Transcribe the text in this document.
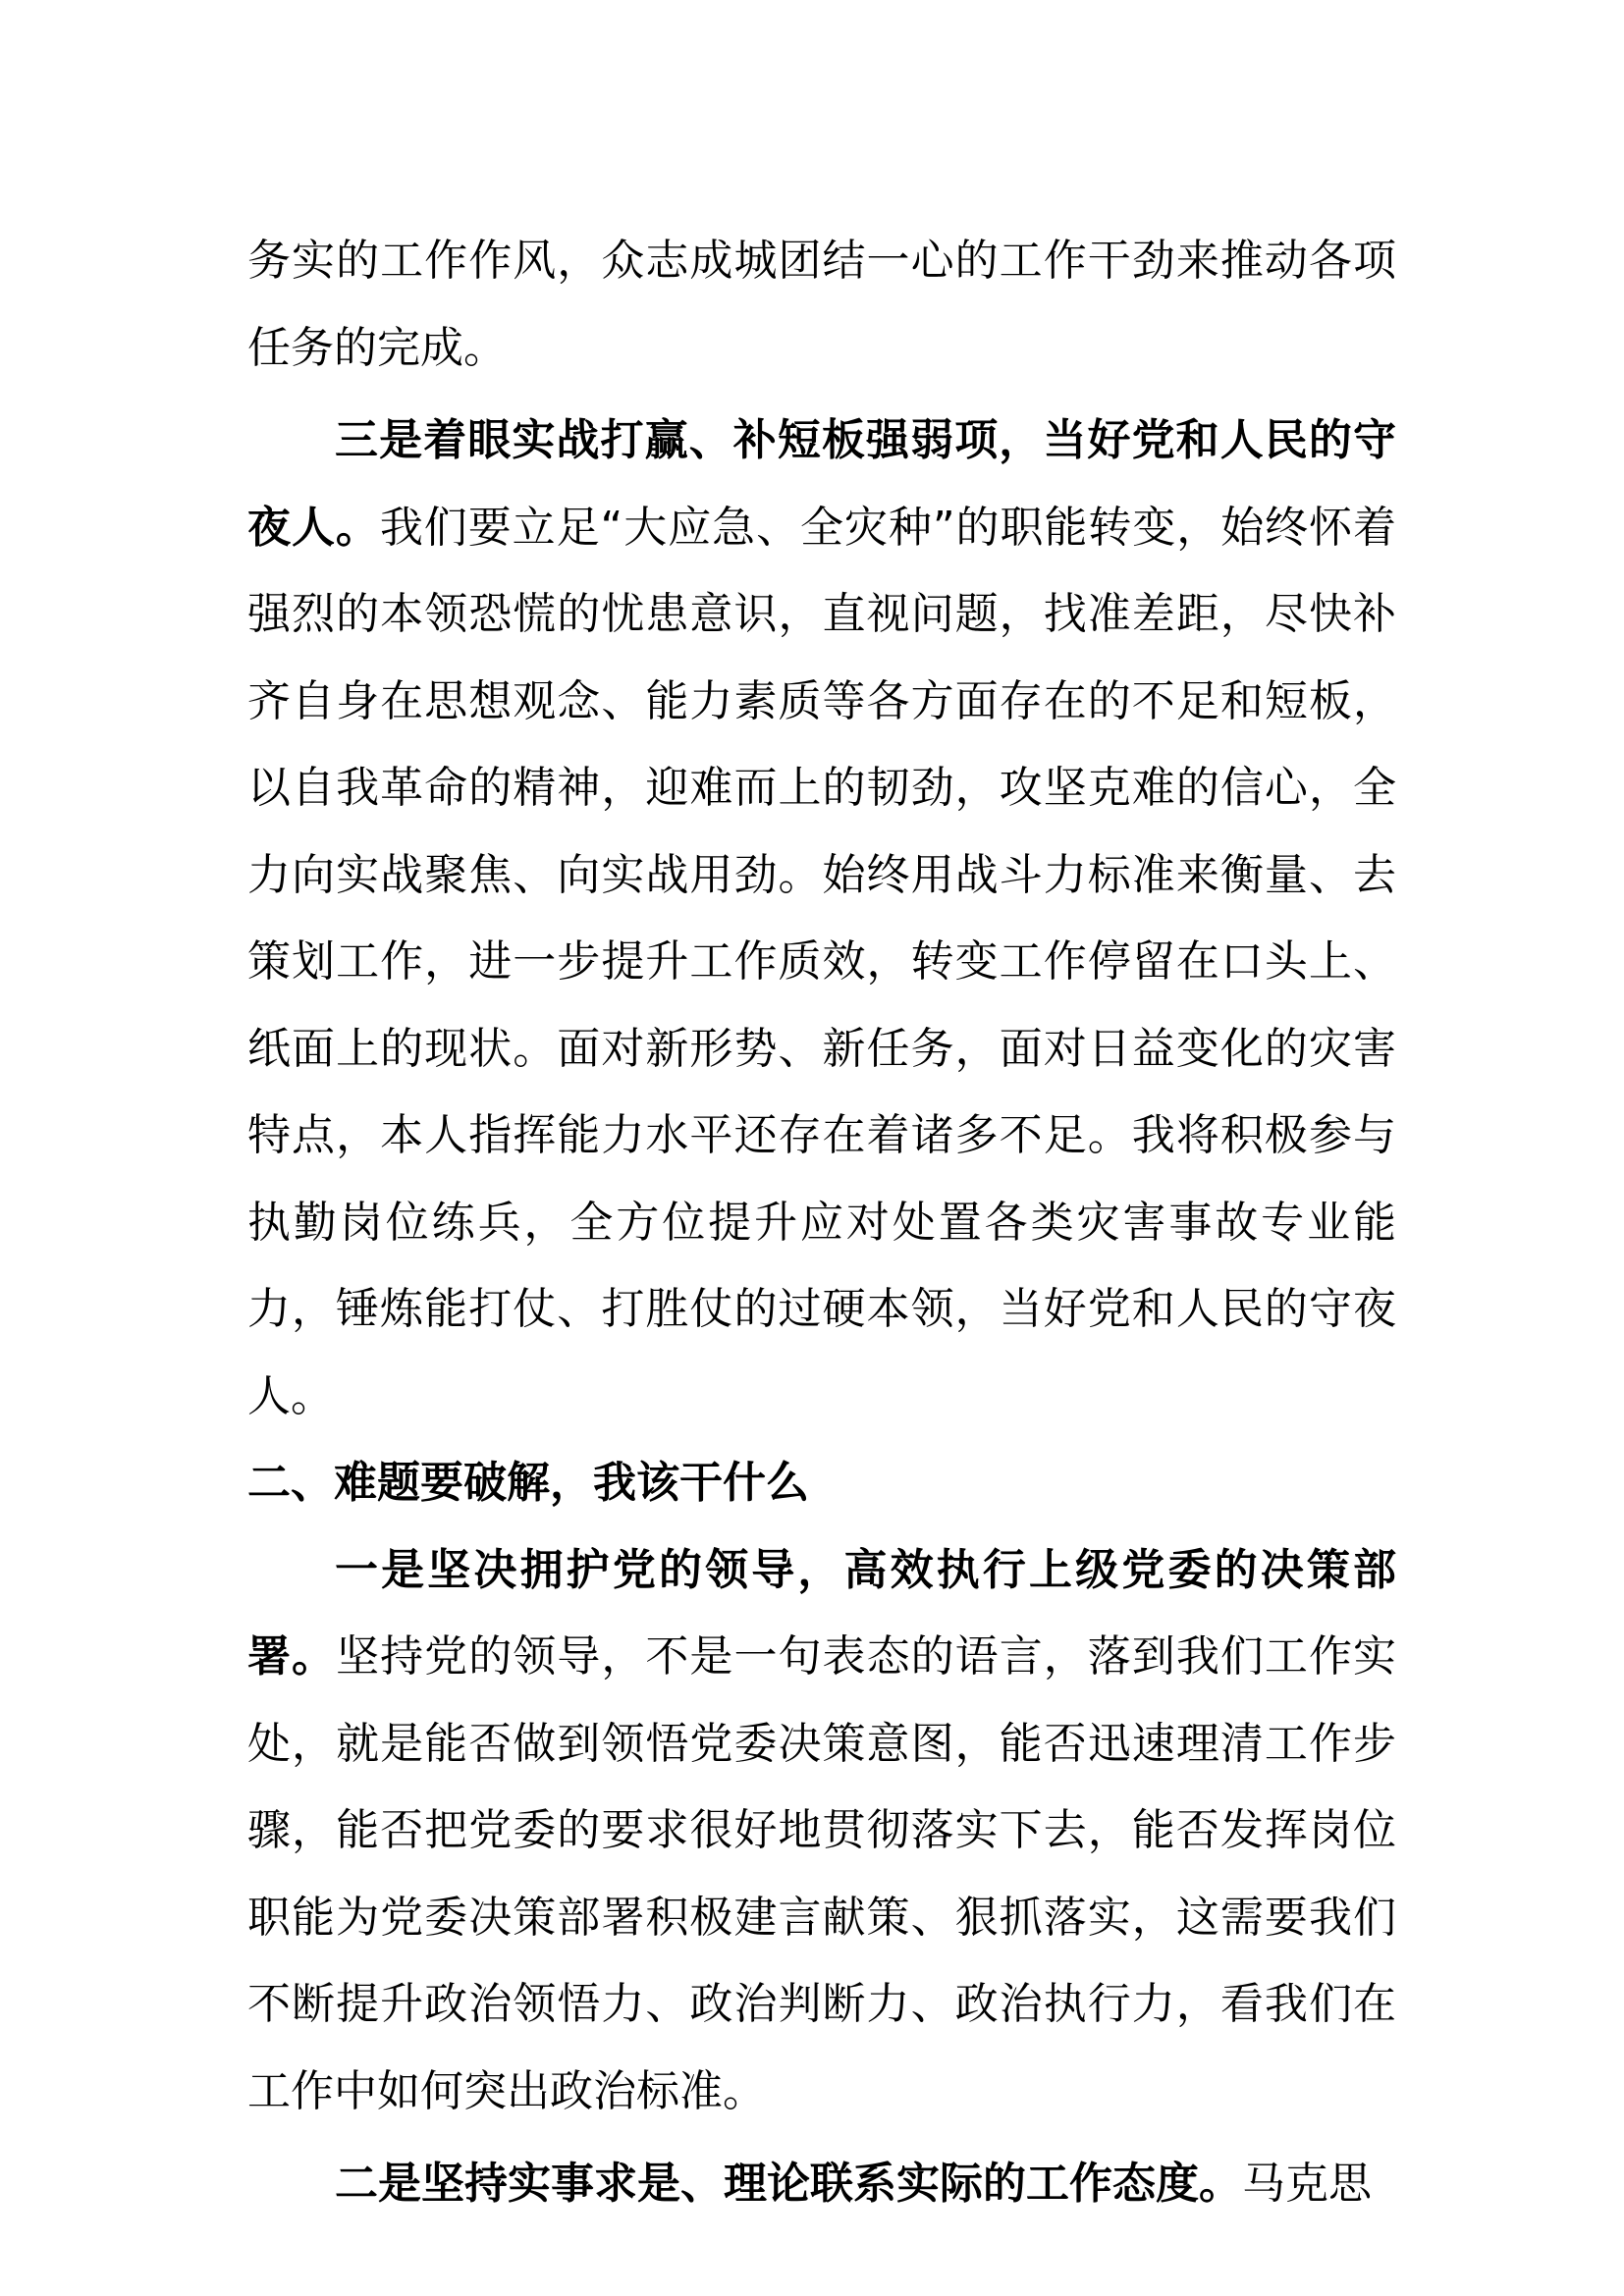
务实的工作作风，众志成城团结一心的工作干劲来推动各项任务的完成。

三是着眼实战打赢、补短板强弱项，当好党和人民的守夜人。我们要立足“大应急、全灾种”的职能转变，始终怀着强烈的本领恐慌的忧患意识，直视问题，找准差距，尽快补齐自身在思想观念、能力素质等各方面存在的不足和短板，以自我革命的精神，迎难而上的韧劲，攻坚克难的信心，全力向实战聚焦、向实战用劲。始终用战斗力标准来衡量、去策划工作，进一步提升工作质效，转变工作停留在口头上、纸面上的现状。面对新形势、新任务，面对日益变化的灾害特点，本人指挥能力水平还存在着诸多不足。我将积极参与执勤岗位练兵，全方位提升应对处置各类灾害事故专业能力，锤炼能打仗、打胜仗的过硬本领，当好党和人民的守夜人。

二、难题要破解，我该干什么

一是坚决拥护党的领导，高效执行上级党委的决策部署。坚持党的领导，不是一句表态的语言，落到我们工作实处，就是能否做到领悟党委决策意图，能否迅速理清工作步骤，能否把党委的要求很好地贯彻落实下去，能否发挥岗位职能为党委决策部署积极建言献策、狠抓落实，这需要我们不断提升政治领悟力、政治判断力、政治执行力，看我们在工作中如何突出政治标准。

二是坚持实事求是、理论联系实际的工作态度。马克思
